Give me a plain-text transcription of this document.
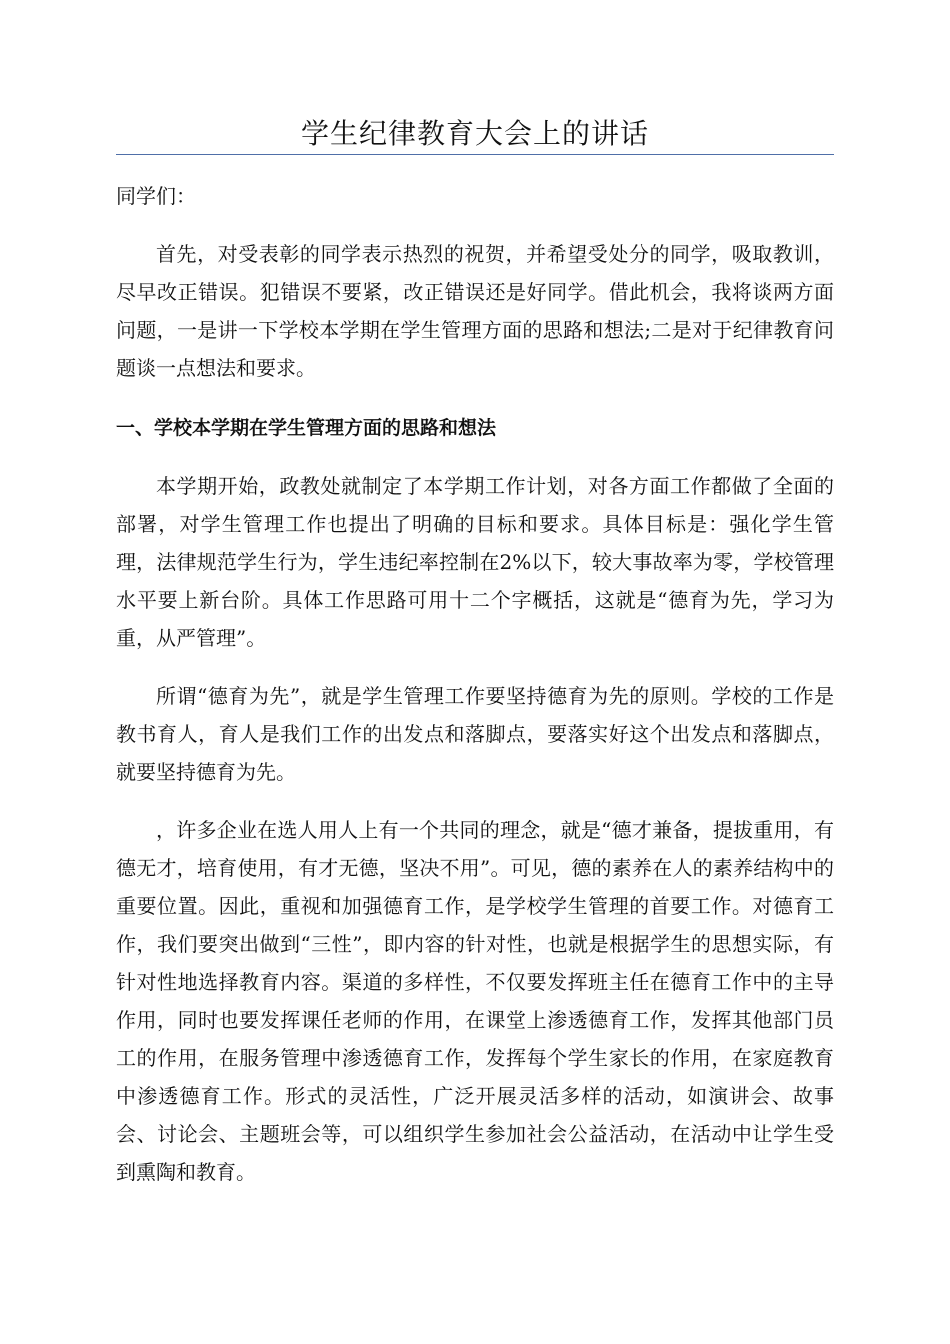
学生纪律教育大会上的讲话

同学们：

首先，对受表彰的同学表示热烈的祝贺，并希望受处分的同学，吸取教训，尽早改正错误。犯错误不要紧，改正错误还是好同学。借此机会，我将谈两方面问题，一是讲一下学校本学期在学生管理方面的思路和想法;二是对于纪律教育问题谈一点想法和要求。

一、学校本学期在学生管理方面的思路和想法

本学期开始，政教处就制定了本学期工作计划，对各方面工作都做了全面的部署，对学生管理工作也提出了明确的目标和要求。具体目标是：强化学生管理，法律规范学生行为，学生违纪率控制在2%以下，较大事故率为零，学校管理水平要上新台阶。具体工作思路可用十二个字概括，这就是“德育为先，学习为重，从严管理”。

所谓“德育为先”，就是学生管理工作要坚持德育为先的原则。学校的工作是教书育人，育人是我们工作的出发点和落脚点，要落实好这个出发点和落脚点，就要坚持德育为先。

，许多企业在选人用人上有一个共同的理念，就是“德才兼备，提拔重用，有德无才，培育使用，有才无德，坚决不用”。可见，德的素养在人的素养结构中的重要位置。因此，重视和加强德育工作，是学校学生管理的首要工作。对德育工作，我们要突出做到“三性”，即内容的针对性，也就是根据学生的思想实际，有针对性地选择教育内容。渠道的多样性，不仅要发挥班主任在德育工作中的主导作用，同时也要发挥课任老师的作用，在课堂上渗透德育工作，发挥其他部门员工的作用，在服务管理中渗透德育工作，发挥每个学生家长的作用，在家庭教育中渗透德育工作。形式的灵活性，广泛开展灵活多样的活动，如演讲会、故事会、讨论会、主题班会等，可以组织学生参加社会公益活动，在活动中让学生受到熏陶和教育。
